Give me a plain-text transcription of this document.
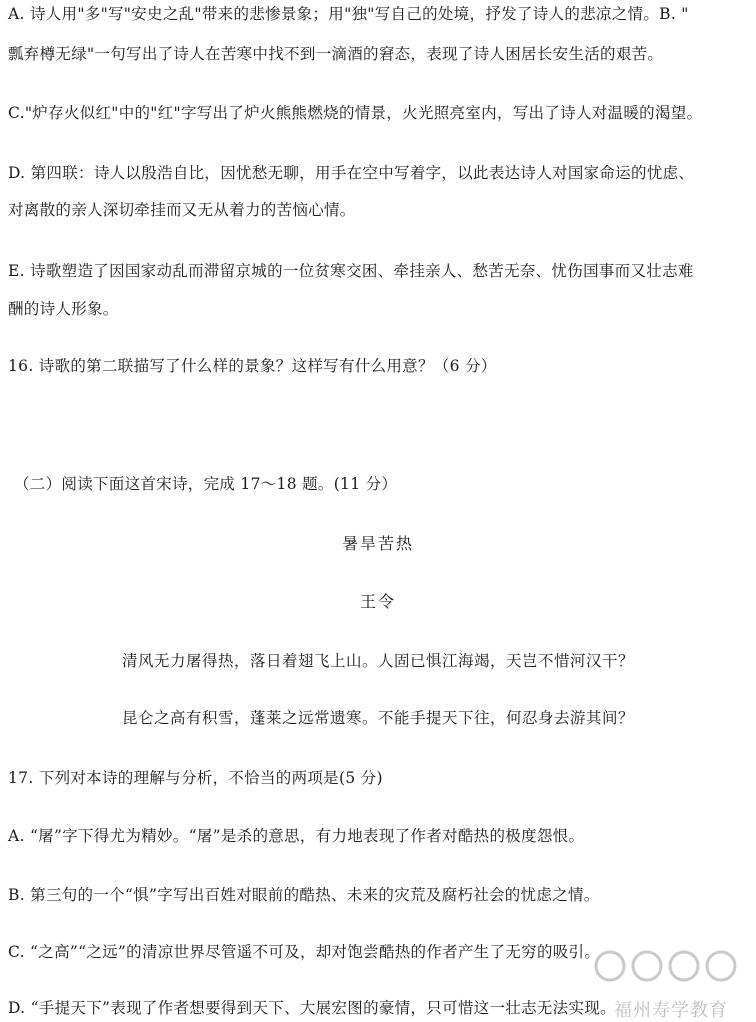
A. 诗人用"多"写"安史之乱"带来的悲惨景象；用"独"写自己的处境，抒发了诗人的悲凉之情。B. "
瓢弃樽无绿"一句写出了诗人在苦寒中找不到一滴酒的窘态，表现了诗人困居长安生活的艰苦。
C."炉存火似红"中的"红"字写出了炉火熊熊燃烧的情景，火光照亮室内，写出了诗人对温暖的渴望。
D. 第四联：诗人以殷浩自比，因忧愁无聊，用手在空中写着字，以此表达诗人对国家命运的忧虑、
对离散的亲人深切牵挂而又无从着力的苦恼心情。
E. 诗歌塑造了因国家动乱而滞留京城的一位贫寒交困、牵挂亲人、愁苦无奈、忧伤国事而又壮志难
酬的诗人形象。
16. 诗歌的第二联描写了什么样的景象？这样写有什么用意？（6 分）
（二）阅读下面这首宋诗，完成 17～18 题。(11 分）
暑旱苦热
王令
清风无力屠得热，落日着翅飞上山。人固已惧江海竭，天岂不惜河汉干？
昆仑之高有积雪，蓬莱之远常遗寒。不能手提天下往，何忍身去游其间？
17. 下列对本诗的理解与分析，不恰当的两项是(5 分)
A. “屠”字下得尤为精妙。“屠”是杀的意思，有力地表现了作者对酷热的极度怨恨。
B. 第三句的一个“惧”字写出百姓对眼前的酷热、未来的灾荒及腐朽社会的忧虑之情。
C. “之高”“之远”的清凉世界尽管遥不可及，却对饱尝酷热的作者产生了无穷的吸引。
D. “手提天下”表现了作者想要得到天下、大展宏图的豪情，只可惜这一壮志无法实现。
福州寿学教育
